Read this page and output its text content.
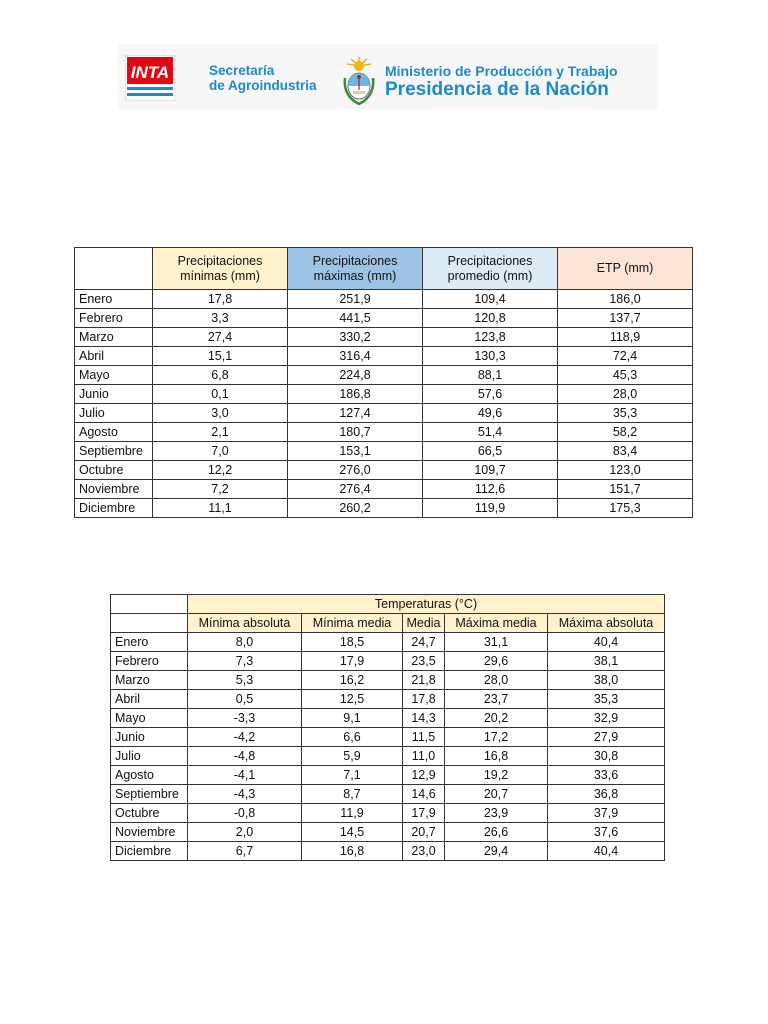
INTA	Secretaría
de Agroindustria
Ministerio de Producción y Trabajo
Presidencia de la Nación
	Precipitaciones mínimas (mm)	Precipitaciones máximas (mm)	Precipitaciones promedio (mm)	ETP (mm)
Enero	17,8	251,9	109,4	186,0
Febrero	3,3	441,5	120,8	137,7
Marzo	27,4	330,2	123,8	118,9
Abril	15,1	316,4	130,3	72,4
Mayo	6,8	224,8	88,1	45,3
Junio	0,1	186,8	57,6	28,0
Julio	3,0	127,4	49,6	35,3
Agosto	2,1	180,7	51,4	58,2
Septiembre	7,0	153,1	66,5	83,4
Octubre	12,2	276,0	109,7	123,0
Noviembre	7,2	276,4	112,6	151,7
Diciembre	11,1	260,2	119,9	175,3
	Temperaturas (°C)				
	Mínima absoluta	Mínima media	Media	Máxima media	Máxima absoluta
Enero	8,0	18,5	24,7	31,1	40,4
Febrero	7,3	17,9	23,5	29,6	38,1
Marzo	5,3	16,2	21,8	28,0	38,0
Abril	0,5	12,5	17,8	23,7	35,3
Mayo	-3,3	9,1	14,3	20,2	32,9
Junio	-4,2	6,6	11,5	17,2	27,9
Julio	-4,8	5,9	11,0	16,8	30,8
Agosto	-4,1	7,1	12,9	19,2	33,6
Septiembre	-4,3	8,7	14,6	20,7	36,8
Octubre	-0,8	11,9	17,9	23,9	37,9
Noviembre	2,0	14,5	20,7	26,6	37,6
Diciembre	6,7	16,8	23,0	29,4	40,4
